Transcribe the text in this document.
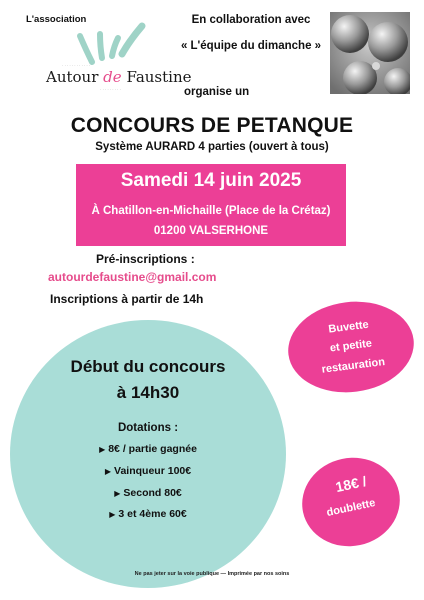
L'association
· · · · · · · · · · · ·
Autour de Faustine
· · · · · · · · ·
En collaboration avec
« L'équipe du dimanche »
organise un
CONCOURS DE PETANQUE
Système AURARD 4 parties (ouvert à tous)
Samedi 14 juin 2025
À Chatillon-en-Michaille (Place de la Crétaz)
01200 VALSERHONE
Pré-inscriptions :
autourdefaustine@gmail.com
Inscriptions à partir de 14h
Buvette
et petite
restauration
Début du concours
à 14h30
Dotations :
▶ 8€ / partie gagnée
▶ Vainqueur 100€
▶ Second 80€
▶ 3 et 4ème 60€
18€ /
doublette
Ne pas jeter sur la voie publique — Imprimée par nos soins
